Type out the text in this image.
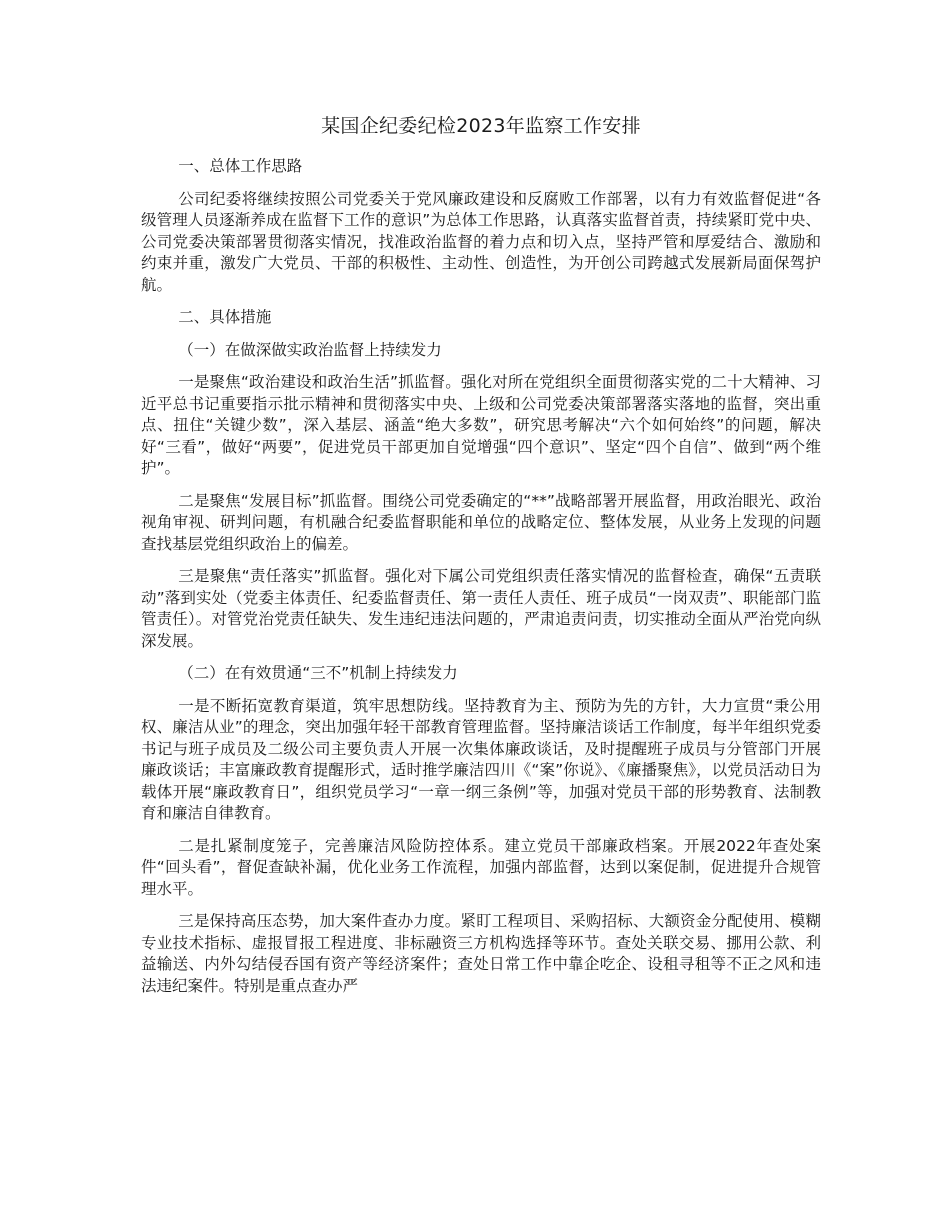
某国企纪委纪检2023年监察工作安排

一、总体工作思路

公司纪委将继续按照公司党委关于党风廉政建设和反腐败工作部署，以有力有效监督促进“各级管理人员逐渐养成在监督下工作的意识”为总体工作思路，认真落实监督首责，持续紧盯党中央、公司党委决策部署贯彻落实情况，找准政治监督的着力点和切入点，坚持严管和厚爱结合、激励和约束并重，激发广大党员、干部的积极性、主动性、创造性，为开创公司跨越式发展新局面保驾护航。

二、具体措施

（一）在做深做实政治监督上持续发力

一是聚焦“政治建设和政治生活”抓监督。强化对所在党组织全面贯彻落实党的二十大精神、习近平总书记重要指示批示精神和贯彻落实中央、上级和公司党委决策部署落实落地的监督，突出重点、扭住“关键少数”，深入基层、涵盖“绝大多数”，研究思考解决“六个如何始终”的问题，解决好“三看”，做好“两要”，促进党员干部更加自觉增强“四个意识”、坚定“四个自信”、做到“两个维护”。

二是聚焦“发展目标”抓监督。围绕公司党委确定的“**”战略部署开展监督，用政治眼光、政治视角审视、研判问题，有机融合纪委监督职能和单位的战略定位、整体发展，从业务上发现的问题查找基层党组织政治上的偏差。

三是聚焦“责任落实”抓监督。强化对下属公司党组织责任落实情况的监督检查，确保“五责联动”落到实处（党委主体责任、纪委监督责任、第一责任人责任、班子成员“一岗双责”、职能部门监管责任）。对管党治党责任缺失、发生违纪违法问题的，严肃追责问责，切实推动全面从严治党向纵深发展。

（二）在有效贯通“三不”机制上持续发力

一是不断拓宽教育渠道，筑牢思想防线。坚持教育为主、预防为先的方针，大力宣贯“秉公用权、廉洁从业”的理念，突出加强年轻干部教育管理监督。坚持廉洁谈话工作制度，每半年组织党委书记与班子成员及二级公司主要负责人开展一次集体廉政谈话，及时提醒班子成员与分管部门开展廉政谈话；丰富廉政教育提醒形式，适时推学廉洁四川《“案”你说》、《廉播聚焦》，以党员活动日为载体开展“廉政教育日”，组织党员学习“一章一纲三条例”等，加强对党员干部的形势教育、法制教育和廉洁自律教育。

二是扎紧制度笼子，完善廉洁风险防控体系。建立党员干部廉政档案。开展2022年查处案件“回头看”，督促查缺补漏，优化业务工作流程，加强内部监督，达到以案促制，促进提升合规管理水平。

三是保持高压态势，加大案件查办力度。紧盯工程项目、采购招标、大额资金分配使用、模糊专业技术指标、虚报冒报工程进度、非标融资三方机构选择等环节。查处关联交易、挪用公款、利益输送、内外勾结侵吞国有资产等经济案件；查处日常工作中靠企吃企、设租寻租等不正之风和违法违纪案件。特别是重点查办严
